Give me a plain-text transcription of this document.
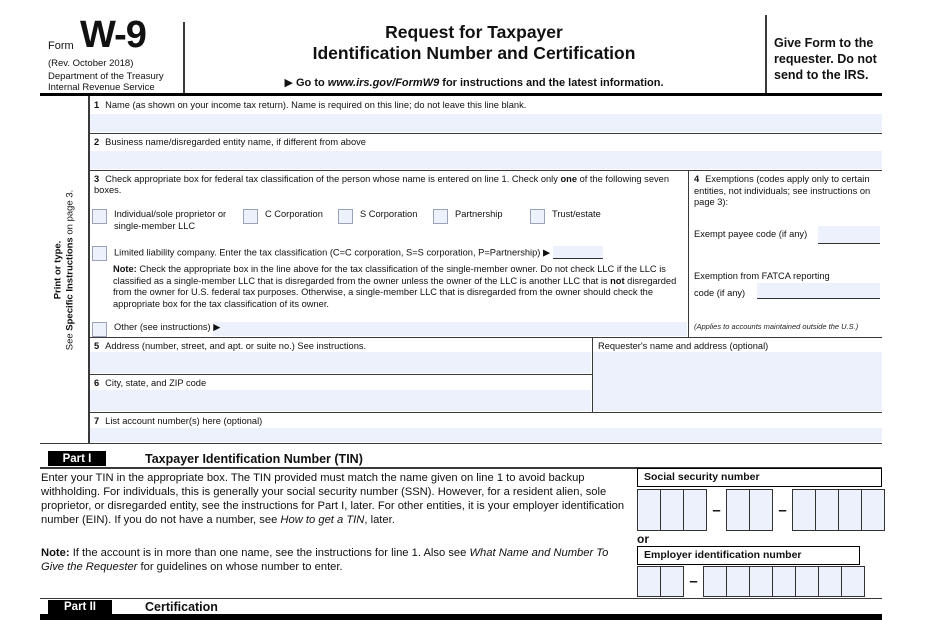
Form W-9
(Rev. October 2018)
Department of the Treasury
Internal Revenue Service
Request for Taxpayer
Identification Number and Certification
▶ Go to www.irs.gov/FormW9 for instructions and the latest information.
Give Form to the requester. Do not send to the IRS.
Print or type.
See Specific Instructions on page 3.
1 Name (as shown on your income tax return). Name is required on this line; do not leave this line blank.
2 Business name/disregarded entity name, if different from above
3 Check appropriate box for federal tax classification of the person whose name is entered on line 1. Check only one of the following seven boxes.
Individual/sole proprietor or single-member LLC
C Corporation	S Corporation	Partnership	Trust/estate
Limited liability company. Enter the tax classification (C=C corporation, S=S corporation, P=Partnership) ▶
Note: Check the appropriate box in the line above for the tax classification of the single-member owner. Do not check LLC if the LLC is classified as a single-member LLC that is disregarded from the owner unless the owner of the LLC is another LLC that is not disregarded from the owner for U.S. federal tax purposes. Otherwise, a single-member LLC that is disregarded from the owner should check the appropriate box for the tax classification of its owner.
Other (see instructions) ▶
4 Exemptions (codes apply only to certain entities, not individuals; see instructions on page 3):
Exempt payee code (if any)
Exemption from FATCA reporting
code (if any)
(Applies to accounts maintained outside the U.S.)
5 Address (number, street, and apt. or suite no.) See instructions.	Requester's name and address (optional)
6 City, state, and ZIP code
7 List account number(s) here (optional)
Part I	Taxpayer Identification Number (TIN)
Enter your TIN in the appropriate box. The TIN provided must match the name given on line 1 to avoid backup withholding. For individuals, this is generally your social security number (SSN). However, for a resident alien, sole proprietor, or disregarded entity, see the instructions for Part I, later. For other entities, it is your employer identification number (EIN). If you do not have a number, see How to get a TIN, later.
Note: If the account is in more than one name, see the instructions for line 1. Also see What Name and Number To Give the Requester for guidelines on whose number to enter.
Social security number
–	–
or
Employer identification number
–
Part II	Certification
